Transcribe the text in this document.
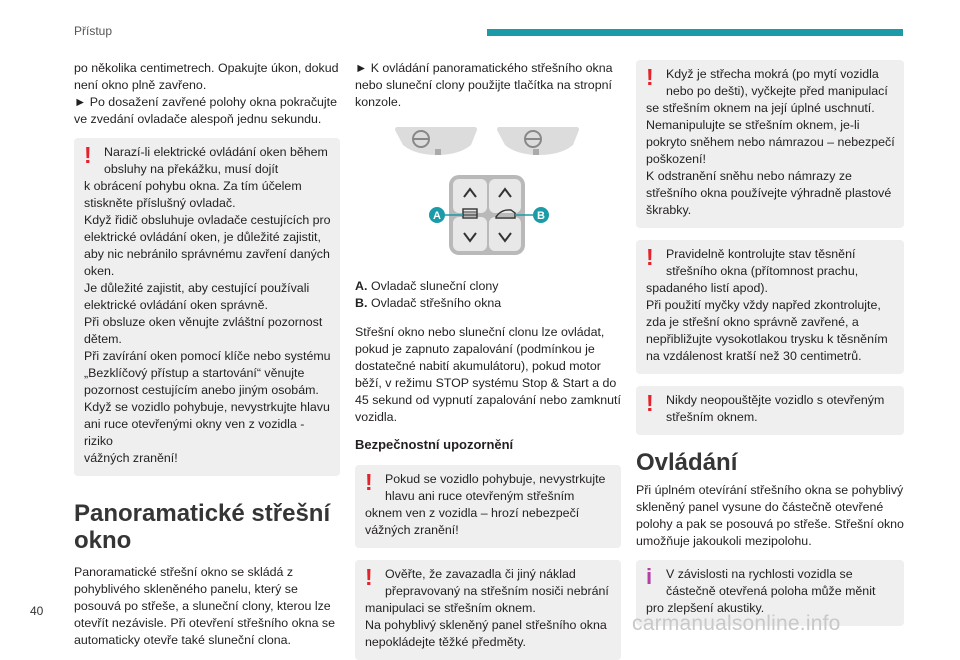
Přístup

po několika centimetrech. Opakujte úkon, dokud
není okno plně zavřeno.
► Po dosažení zavřené polohy okna pokračujte
ve zvedání ovladače alespoň jednu sekundu.

! Narazí-li elektrické ovládání oken během
obsluhy na překážku, musí dojít

k obrácení pohybu okna. Za tím účelem
stiskněte příslušný ovladač.
Když řidič obsluhuje ovladače cestujících pro
elektrické ovládání oken, je důležité zajistit,
aby nic nebránilo správnému zavření daných
oken.
Je důležité zajistit, aby cestující používali
elektrické ovládání oken správně.
Při obsluze oken věnujte zvláštní pozornost
dětem.
Při zavírání oken pomocí klíče nebo systému
„Bezklíčový přístup a startování“ věnujte
pozornost cestujícím anebo jiným osobám.
Když se vozidlo pohybuje, nevystrkujte hlavu
ani ruce otevřenými okny ven z vozidla - riziko
vážných zranění!

Panoramatické střešní
okno

Panoramatické střešní okno se skládá z
pohyblivého skleněného panelu, který se
posouvá po střeše, a sluneční clony, kterou lze
otevřít nezávisle. Při otevření střešního okna se
automaticky otevře také sluneční clona.

► K ovládání panoramatického střešního okna
nebo sluneční clony použijte tlačítka na stropní
konzole.

A	B
A. Ovladač sluneční clony
B. Ovladač střešního okna

Střešní okno nebo sluneční clonu lze ovládat,
pokud je zapnuto zapalování (podmínkou je
dostatečné nabití akumulátoru), pokud motor
běží, v režimu STOP systému Stop & Start a do
45 sekund od vypnutí zapalování nebo zamknutí
vozidla.

Bezpečnostní upozornění
! Pokud se vozidlo pohybuje, nevystrkujte
hlavu ani ruce otevřeným střešním

oknem ven z vozidla – hrozí nebezpečí
vážných zranění!

! Ověřte, že zavazadla či jiný náklad
přepravovaný na střešním nosiči nebrání

manipulaci se střešním oknem.
Na pohyblivý skleněný panel střešního okna
nepokládejte těžké předměty.

! Když je střecha mokrá (po mytí vozidla
nebo po dešti), vyčkejte před manipulací

se střešním oknem na její úplné uschnutí.
Nemanipulujte se střešním oknem, je-li
pokryto sněhem nebo námrazou – nebezpečí
poškození!
K odstranění sněhu nebo námrazy ze
střešního okna používejte výhradně plastové
škrabky.

! Pravidelně kontrolujte stav těsnění
střešního okna (přítomnost prachu,

spadaného listí apod).
Při použití myčky vždy napřed zkontrolujte,
zda je střešní okno správně zavřené, a
nepřibližujte vysokotlakou trysku k těsněním
na vzdálenost kratší než 30 centimetrů.

! Nikdy neopouštějte vozidlo s otevřeným
střešním oknem.
Ovládání

Při úplném otevírání střešního okna se pohyblivý
skleněný panel vysune do částečně otevřené
polohy a pak se posouvá po střeše. Střešní okno
umožňuje jakoukoli mezipolohu.

i	V závislosti na rychlosti vozidla se
částečně otevřená poloha může měnit

pro zlepšení akustiky.

40
carmanualsonline.info
